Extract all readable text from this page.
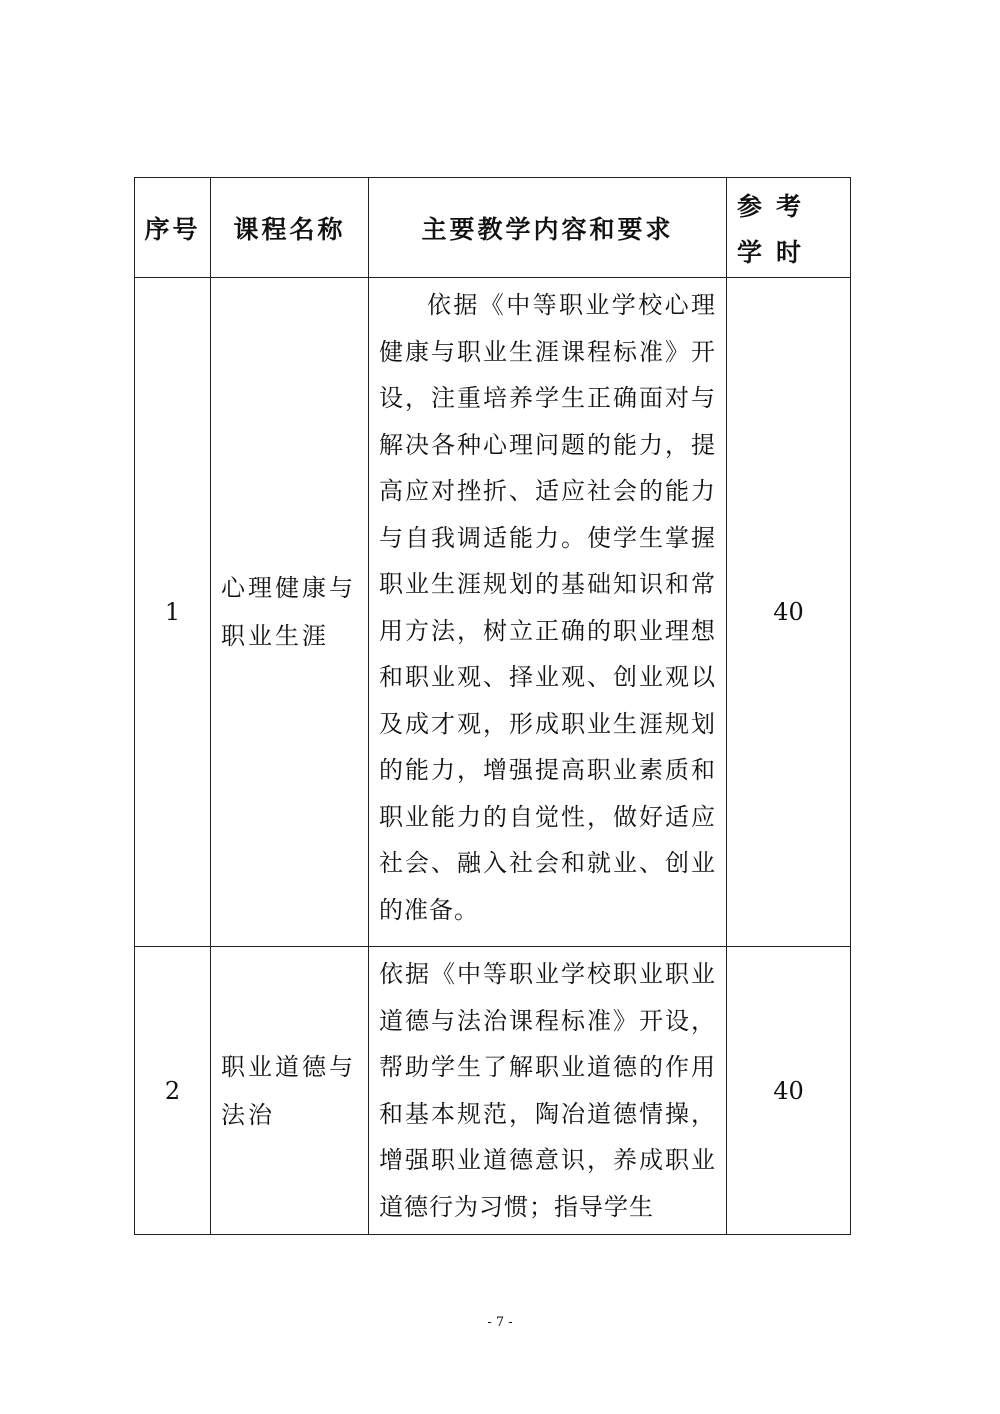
序号	课程名称	主要教学内容和要求	参考学时
1	心理健康与职业生涯	依据《中等职业学校心理健康与职业生涯课程标准》开设，注重培养学生正确面对与解决各种心理问题的能力，提高应对挫折、适应社会的能力与自我调适能力。使学生掌握职业生涯规划的基础知识和常用方法，树立正确的职业理想和职业观、择业观、创业观以及成才观，形成职业生涯规划的能力，增强提高职业素质和职业能力的自觉性，做好适应社会、融入社会和就业、创业的准备。	40
2	职业道德与法治	依据《中等职业学校职业职业道德与法治课程标准》开设，帮助学生了解职业道德的作用和基本规范，陶冶道德情操，增强职业道德意识，养成职业道德行为习惯；指导学生	40
- 7 -
